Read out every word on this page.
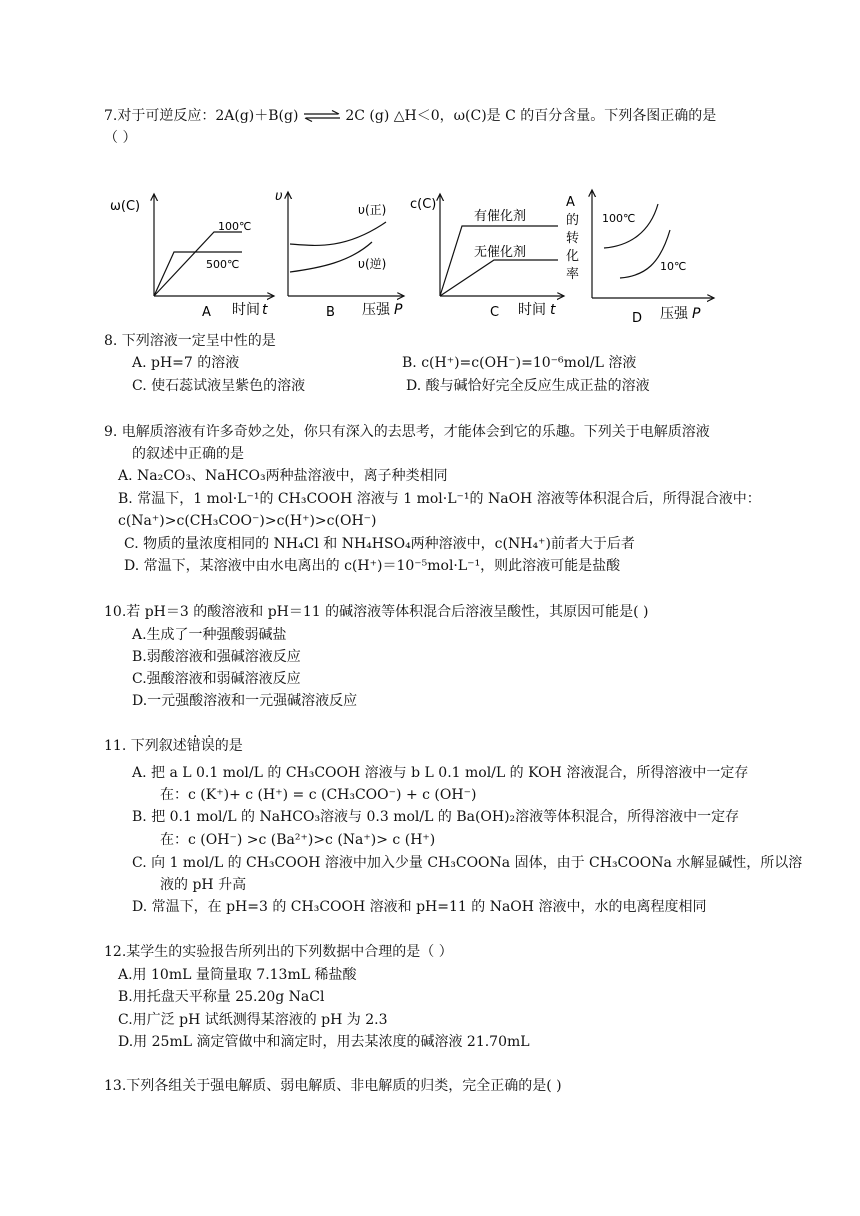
7.对于可逆反应：2A(g)＋B(g) ⇌ 2C (g) △H＜0，ω(C)是 C 的百分含量。下列各图正确的是
（ ）
ω(C)
100℃
500℃
A 时间 t
υ
υ(正)
υ(逆)
B 压强 P
c(C)
有催化剂
无催化剂
C 时间 t
A
的
转
化
率
100℃
10℃
D 压强 P
8. 下列溶液一定呈中性的是
A. pH=7 的溶液	B. c(H⁺)=c(OH⁻)=10⁻⁶mol/L 溶液
C. 使石蕊试液呈紫色的溶液	D. 酸与碱恰好完全反应生成正盐的溶液
9. 电解质溶液有许多奇妙之处，你只有深入的去思考，才能体会到它的乐趣。下列关于电解质溶液
的叙述中正确的是
A. Na₂CO₃、NaHCO₃两种盐溶液中，离子种类相同
B. 常温下，1 mol·L⁻¹的 CH₃COOH 溶液与 1 mol·L⁻¹的 NaOH 溶液等体积混合后，所得混合液中：
c(Na⁺)>c(CH₃COO⁻)>c(H⁺)>c(OH⁻)
C. 物质的量浓度相同的 NH₄Cl 和 NH₄HSO₄两种溶液中，c(NH₄⁺)前者大于后者
D. 常温下，某溶液中由水电离出的 c(H⁺)＝10⁻⁵mol·L⁻¹，则此溶液可能是盐酸
10.若 pH＝3 的酸溶液和 pH＝11 的碱溶液等体积混合后溶液呈酸性，其原因可能是( )
A.生成了一种强酸弱碱盐
B.弱酸溶液和强碱溶液反应
C.强酸溶液和弱碱溶液反应
D.一元强酸溶液和一元强碱溶液反应
11. 下列叙述错误的是
A. 把 a L 0.1 mol/L 的 CH₃COOH 溶液与 b L 0.1 mol/L 的 KOH 溶液混合，所得溶液中一定存
在：c (K⁺)+ c (H⁺) = c (CH₃COO⁻) + c (OH⁻)
B. 把 0.1 mol/L 的 NaHCO₃溶液与 0.3 mol/L 的 Ba(OH)₂溶液等体积混合，所得溶液中一定存
在：c (OH⁻) >c (Ba²⁺)>c (Na⁺)> c (H⁺)
C. 向 1 mol/L 的 CH₃COOH 溶液中加入少量 CH₃COONa 固体，由于 CH₃COONa 水解显碱性，所以溶
液的 pH 升高
D. 常温下，在 pH=3 的 CH₃COOH 溶液和 pH=11 的 NaOH 溶液中，水的电离程度相同
12.某学生的实验报告所列出的下列数据中合理的是（ ）
A.用 10mL 量筒量取 7.13mL 稀盐酸
B.用托盘天平称量 25.20g NaCl
C.用广泛 pH 试纸测得某溶液的 pH 为 2.3
D.用 25mL 滴定管做中和滴定时，用去某浓度的碱溶液 21.70mL
13.下列各组关于强电解质、弱电解质、非电解质的归类，完全正确的是( )
